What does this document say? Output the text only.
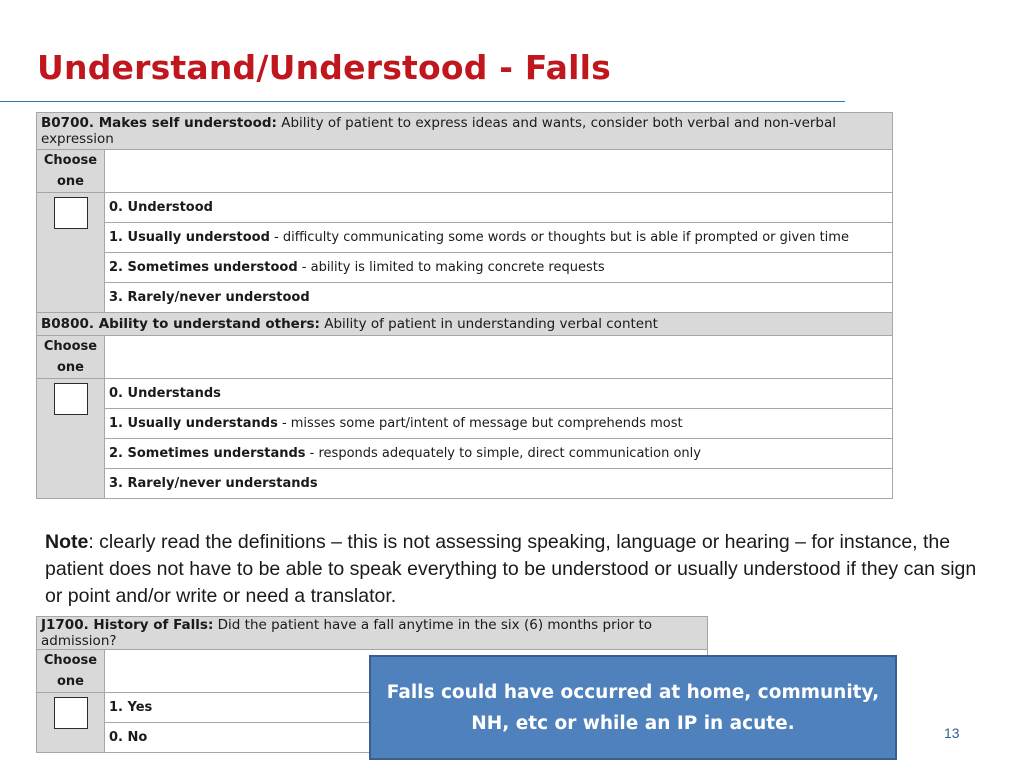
Understand/Understood - Falls
B0700. Makes self understood: Ability of patient to express ideas and wants, consider both verbal and non-verbal expression	
Choose one	

	0. Understood
	1. Usually understood - difficulty communicating some words or thoughts but is able if prompted or given time
	2. Sometimes understood - ability is limited to making concrete requests
	3. Rarely/never understood
B0800. Ability to understand others: Ability of patient in understanding verbal content	
Choose one	

	0. Understands
	1. Usually understands - misses some part/intent of message but comprehends most
	2. Sometimes understands - responds adequately to simple, direct communication only
	3. Rarely/never understands

Note: clearly read the definitions – this is not assessing speaking, language or hearing – for instance, the patient does not have to be able to speak everything to be understood or usually understood if they can sign or point and/or write or need a translator.

J1700. History of Falls: Did the patient have a fall anytime in the six (6) months prior to admission?	
Choose one	

	1. Yes
	0. No
Falls could have occurred at home, community, NH, etc or while an IP in acute.	13
